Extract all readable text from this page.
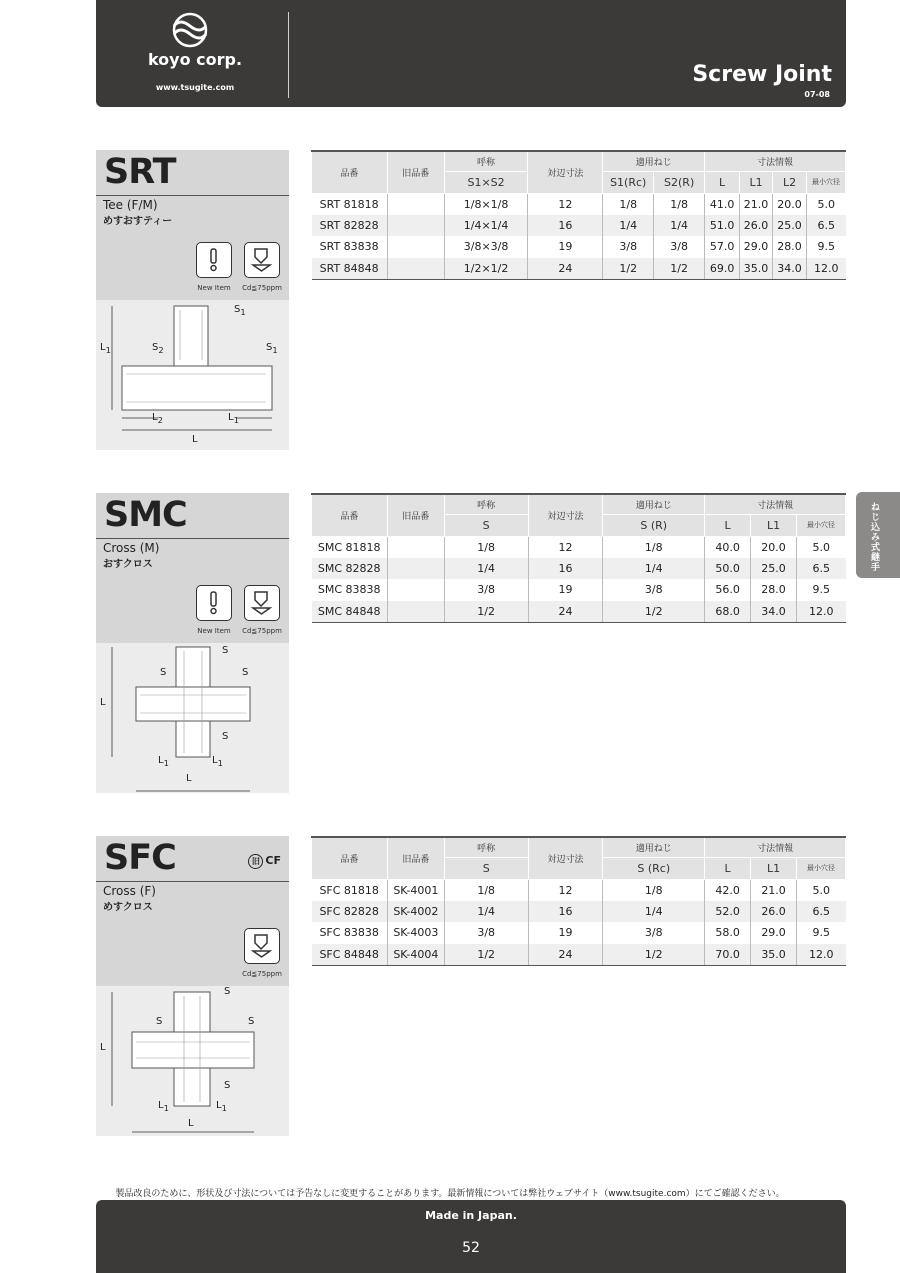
koyo corp.
www.tsugite.com
Screw Joint
07-08
ねじ込み式継手
SRT
Tee (F/M)
めすおすティー
New Item	Cd≦75ppm
$S_1$
$S_2$	$S_1$
$L_1$
$L_2$	$L_1$
L
品番	旧品番	呼称	対辺寸法	適用ねじ		寸法情報			
		S1×S2		S1(Rc)	S2(R)	L	L1	L2	最小穴径
SRT 81818		1/8×1/8	12	1/8	1/8	41.0	21.0	20.0	5.0
SRT 82828		1/4×1/4	16	1/4	1/4	51.0	26.0	25.0	6.5
SRT 83838		3/8×3/8	19	3/8	3/8	57.0	29.0	28.0	9.5
SRT 84848		1/2×1/2	24	1/2	1/2	69.0	35.0	34.0	12.0
SMC
Cross (M)
おすクロス
New Item	Cd≦75ppm
S
S	S
S
L
$L_1$	$L_1$
L
品番	旧品番	呼称	対辺寸法	適用ねじ	寸法情報		
		S		S (R)	L	L1	最小穴径
SMC 81818		1/8	12	1/8	40.0	20.0	5.0
SMC 82828		1/4	16	1/4	50.0	25.0	6.5
SMC 83838		3/8	19	3/8	56.0	28.0	9.5
SMC 84848		1/2	24	1/2	68.0	34.0	12.0
SFC	旧 CF
Cross (F)
めすクロス
Cd≦75ppm
S
S	S
S
L
$L_1$	$L_1$
L
品番	旧品番	呼称	対辺寸法	適用ねじ	寸法情報		
		S		S (Rc)	L	L1	最小穴径
SFC 81818	SK-4001	1/8	12	1/8	42.0	21.0	5.0
SFC 82828	SK-4002	1/4	16	1/4	52.0	26.0	6.5
SFC 83838	SK-4003	3/8	19	3/8	58.0	29.0	9.5
SFC 84848	SK-4004	1/2	24	1/2	70.0	35.0	12.0
製品改良のために、形状及び寸法については予告なしに変更することがあります。最新情報については弊社ウェブサイト（www.tsugite.com）にてご確認ください。
Made in Japan.
52
